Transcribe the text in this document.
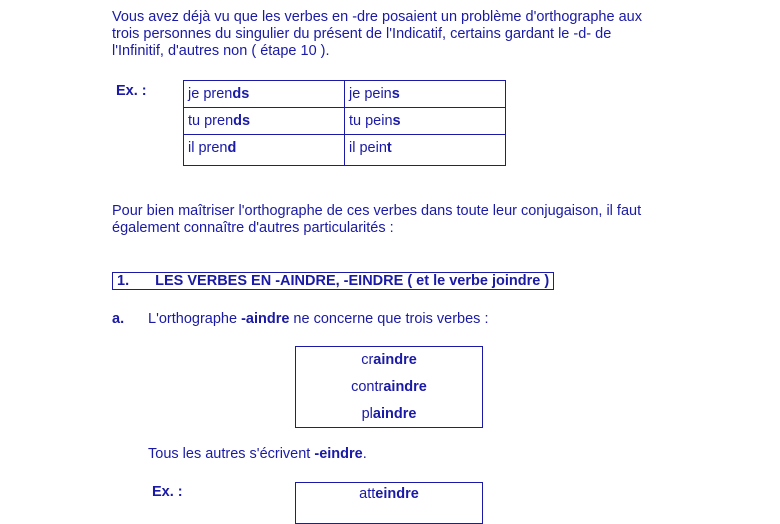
Vous avez déjà vu que les verbes en -dre posaient un problème d'orthographe aux

trois personnes du singulier du présent de l'Indicatif, certains gardant le -d- de

l'Infinitif, d'autres non ( étape 10 ).

Ex. :	je prends	je peins
tu prends	tu peins
il prend	il peint

Pour bien maîtriser l'orthographe de ces verbes dans toute leur conjugaison, il faut

également connaître d'autres particularités :

1. LES VERBES EN -AINDRE, -EINDRE ( et le verbe joindre )
a. L'orthographe -aindre ne concerne que trois verbes :
craindre
contraindre
plaindre
Tous les autres s'écrivent -eindre.
Ex. :	atteindre
